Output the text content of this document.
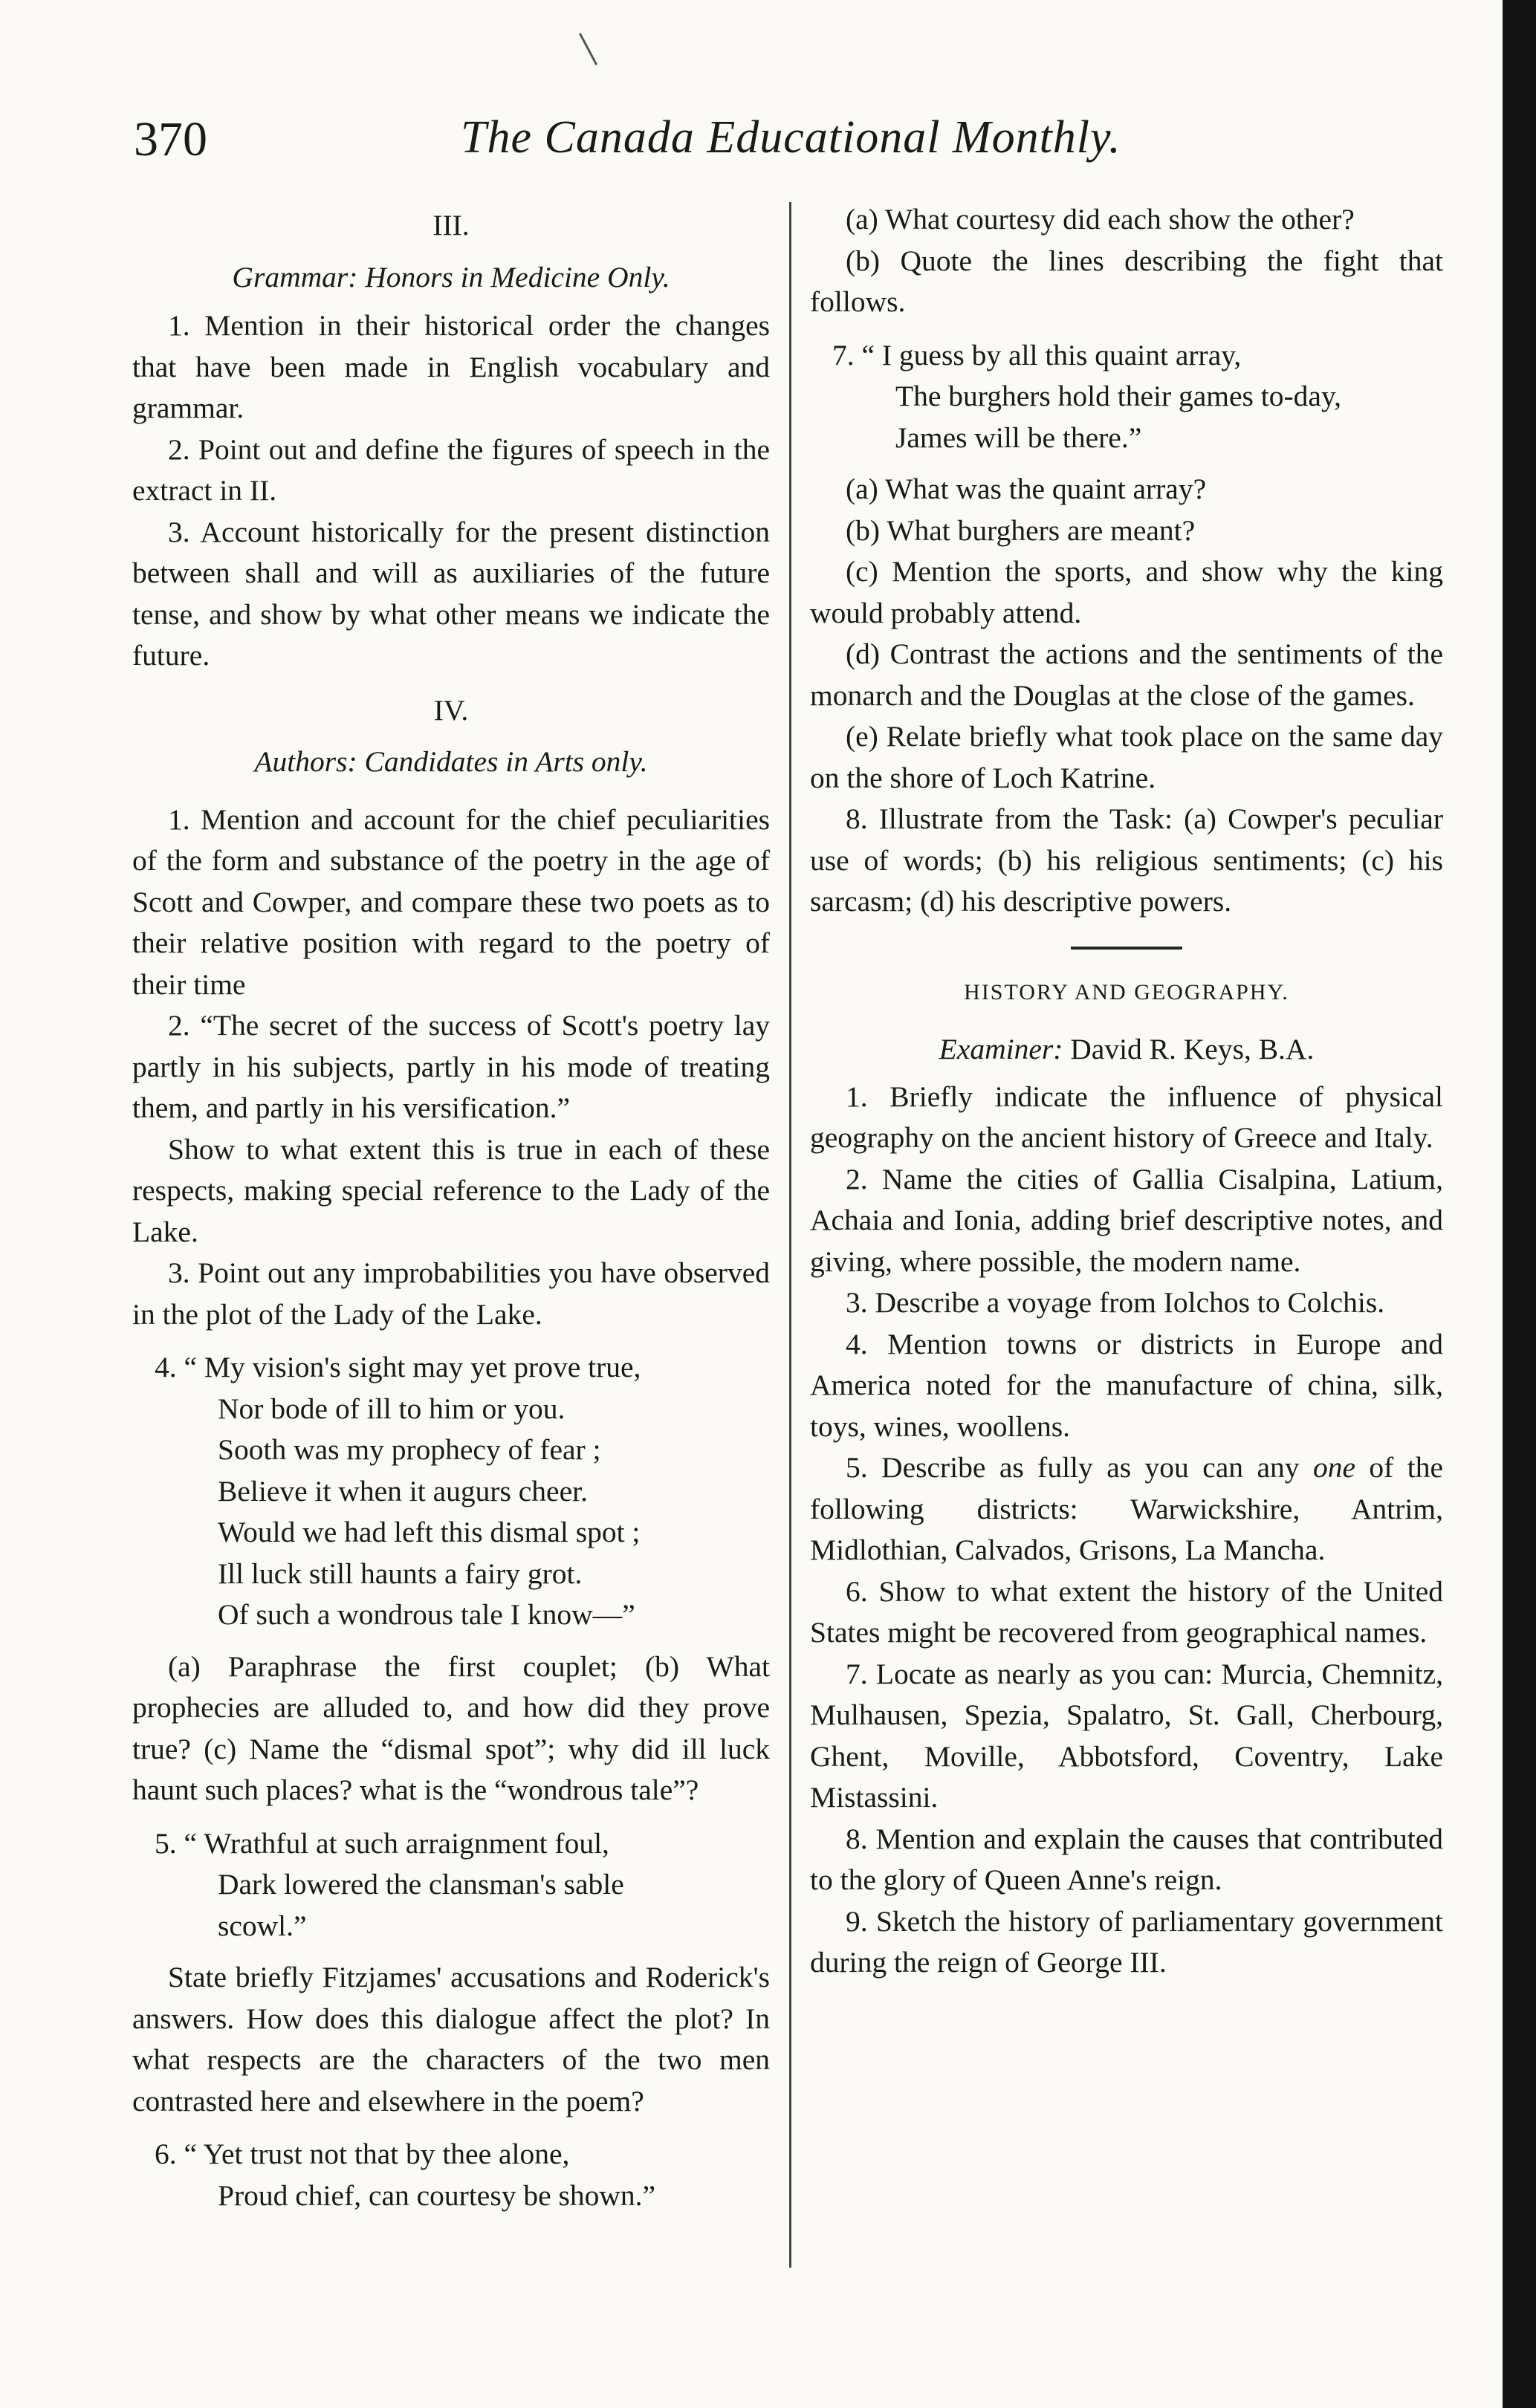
370	The Canada Educational Monthly.

III.

Grammar: Honors in Medicine Only.

1. Mention in their historical order the changes that have been made in English vocabulary and grammar.

2. Point out and define the figures of speech in the extract in II.

3. Account historically for the present distinction between shall and will as auxiliaries of the future tense, and show by what other means we indicate the future.

IV.

Authors: Candidates in Arts only.

1. Mention and account for the chief peculiarities of the form and substance of the poetry in the age of Scott and Cowper, and compare these two poets as to their relative position with regard to the poetry of their time

2. “The secret of the success of Scott's poetry lay partly in his subjects, partly in his mode of treating them, and partly in his versification.”

Show to what extent this is true in each of these respects, making special reference to the Lady of the Lake.

3. Point out any improbabilities you have observed in the plot of the Lady of the Lake.

4. “ My vision's sight may yet prove true,
Nor bode of ill to him or you.
Sooth was my prophecy of fear ;
Believe it when it augurs cheer.
Would we had left this dismal spot ;
Ill luck still haunts a fairy grot.
Of such a wondrous tale I know—”

(a) Paraphrase the first couplet; (b) What prophecies are alluded to, and how did they prove true? (c) Name the “dismal spot”; why did ill luck haunt such places? what is the “wondrous tale”?

5. “ Wrathful at such arraignment foul,
Dark lowered the clansman's sable
scowl.”

State briefly Fitzjames' accusations and Roderick's answers. How does this dialogue affect the plot? In what respects are the characters of the two men contrasted here and elsewhere in the poem?

6. “ Yet trust not that by thee alone,
Proud chief, can courtesy be shown.”

(a) What courtesy did each show the other?

(b) Quote the lines describing the fight that follows.

7. “ I guess by all this quaint array,
The burghers hold their games to-day,
James will be there.”

(a) What was the quaint array?

(b) What burghers are meant?

(c) Mention the sports, and show why the king would probably attend.

(d) Contrast the actions and the sentiments of the monarch and the Douglas at the close of the games.

(e) Relate briefly what took place on the same day on the shore of Loch Katrine.

8. Illustrate from the Task: (a) Cowper's peculiar use of words; (b) his religious sentiments; (c) his sarcasm; (d) his descriptive powers.

HISTORY AND GEOGRAPHY.

Examiner: David R. Keys, B.A.

1. Briefly indicate the influence of physical geography on the ancient history of Greece and Italy.

2. Name the cities of Gallia Cisalpina, Latium, Achaia and Ionia, adding brief descriptive notes, and giving, where possible, the modern name.

3. Describe a voyage from Iolchos to Colchis.

4. Mention towns or districts in Europe and America noted for the manufacture of china, silk, toys, wines, woollens.

5. Describe as fully as you can any one of the following districts: Warwickshire, Antrim, Midlothian, Calvados, Grisons, La Mancha.

6. Show to what extent the history of the United States might be recovered from geographical names.

7. Locate as nearly as you can: Murcia, Chemnitz, Mulhausen, Spezia, Spalatro, St. Gall, Cherbourg, Ghent, Moville, Abbotsford, Coventry, Lake Mistassini.

8. Mention and explain the causes that contributed to the glory of Queen Anne's reign.

9. Sketch the history of parliamentary government during the reign of George III.
